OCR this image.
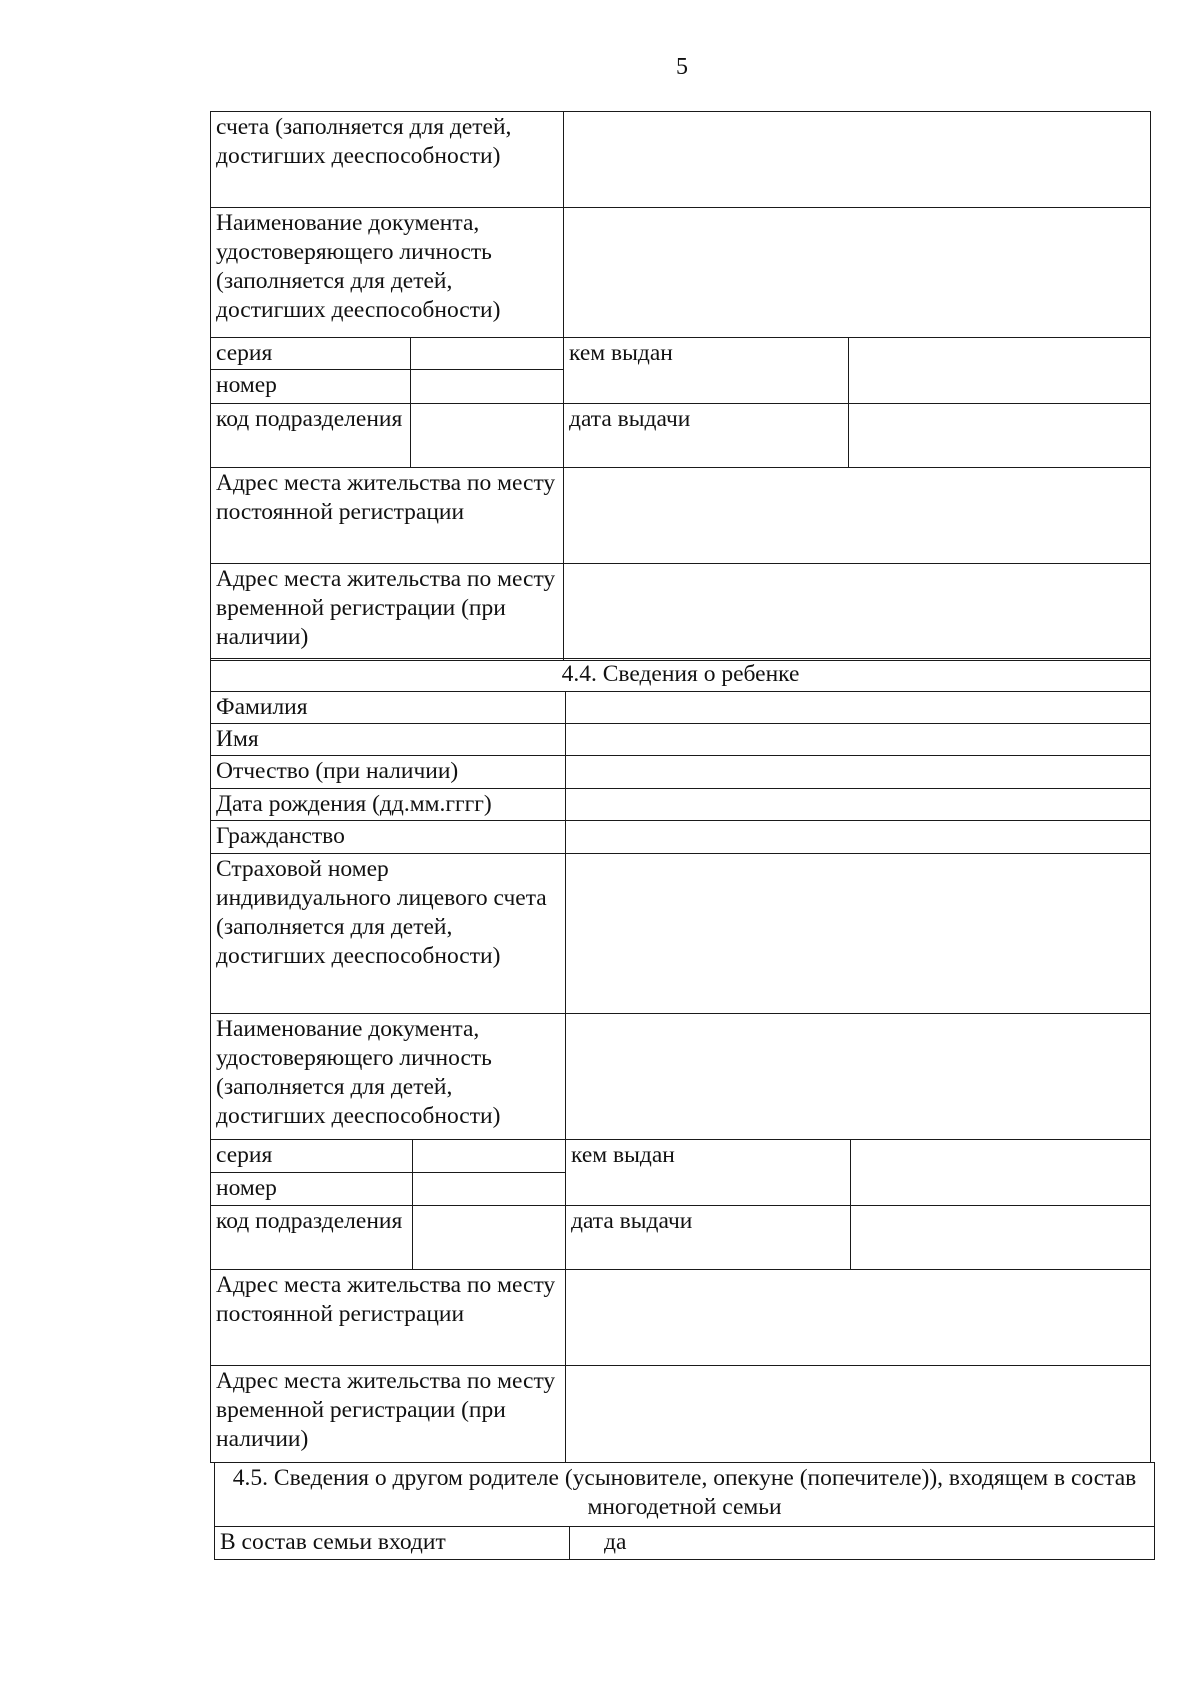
5
счета (заполняется для детей, достигших дееспособности)			
Наименование документа, удостоверяющего личность (заполняется для детей, достигших дееспособности)			
серия		кем выдан	
номер			
код подразделения		дата выдачи	
Адрес места жительства по месту постоянной регистрации			
Адрес места жительства по месту временной регистрации (при наличии)			
4.4. Сведения о ребенке			
Фамилия			
Имя			
Отчество (при наличии)			
Дата рождения (дд.мм.гггг)			
Гражданство			
Страховой номер индивидуального лицевого счета (заполняется для детей, достигших дееспособности)			
Наименование документа, удостоверяющего личность (заполняется для детей, достигших дееспособности)			
серия		кем выдан	
номер			
код подразделения		дата выдачи	
Адрес места жительства по месту постоянной регистрации			
Адрес места жительства по месту временной регистрации (при наличии)			
4.5. Сведения о другом родителе (усыновителе, опекуне (попечителе)), входящем в состав многодетной семьи
В состав семьи входит	да
